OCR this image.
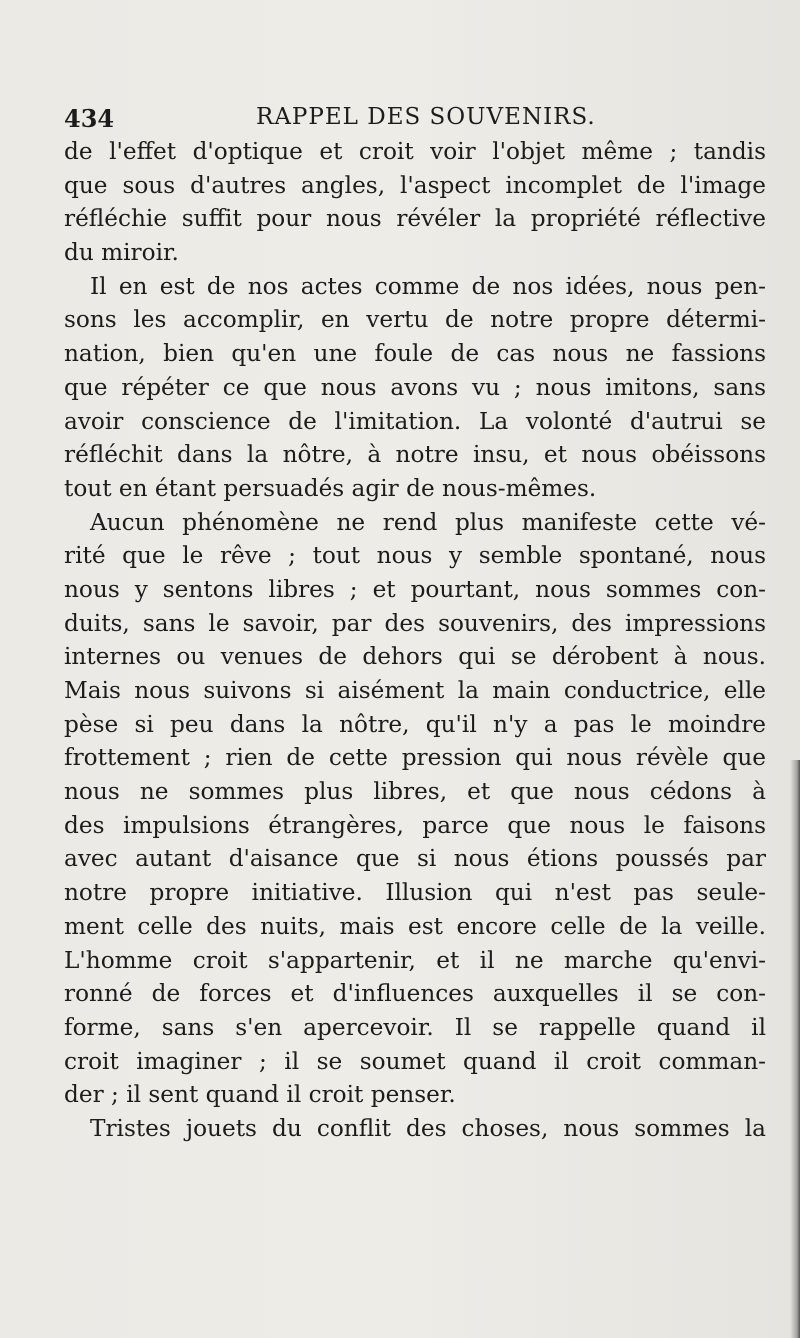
434	RAPPEL DES SOUVENIRS.
de l'effet d'optique et croit voir l'objet même ; tandis
que sous d'autres angles, l'aspect incomplet de l'image
réfléchie suffit pour nous révéler la propriété réflective
du miroir.
Il en est de nos actes comme de nos idées, nous pen-
sons les accomplir, en vertu de notre propre détermi-
nation, bien qu'en une foule de cas nous ne fassions
que répéter ce que nous avons vu ; nous imitons, sans
avoir conscience de l'imitation. La volonté d'autrui se
réfléchit dans la nôtre, à notre insu, et nous obéissons
tout en étant persuadés agir de nous-mêmes.
Aucun phénomène ne rend plus manifeste cette vé-
rité que le rêve ; tout nous y semble spontané, nous
nous y sentons libres ; et pourtant, nous sommes con-
duits, sans le savoir, par des souvenirs, des impressions
internes ou venues de dehors qui se dérobent à nous.
Mais nous suivons si aisément la main conductrice, elle
pèse si peu dans la nôtre, qu'il n'y a pas le moindre
frottement ; rien de cette pression qui nous révèle que
nous ne sommes plus libres, et que nous cédons à
des impulsions étrangères, parce que nous le faisons
avec autant d'aisance que si nous étions poussés par
notre propre initiative. Illusion qui n'est pas seule-
ment celle des nuits, mais est encore celle de la veille.
L'homme croit s'appartenir, et il ne marche qu'envi-
ronné de forces et d'influences auxquelles il se con-
forme, sans s'en apercevoir. Il se rappelle quand il
croit imaginer ; il se soumet quand il croit comman-
der ; il sent quand il croit penser.
Tristes jouets du conflit des choses, nous sommes la
